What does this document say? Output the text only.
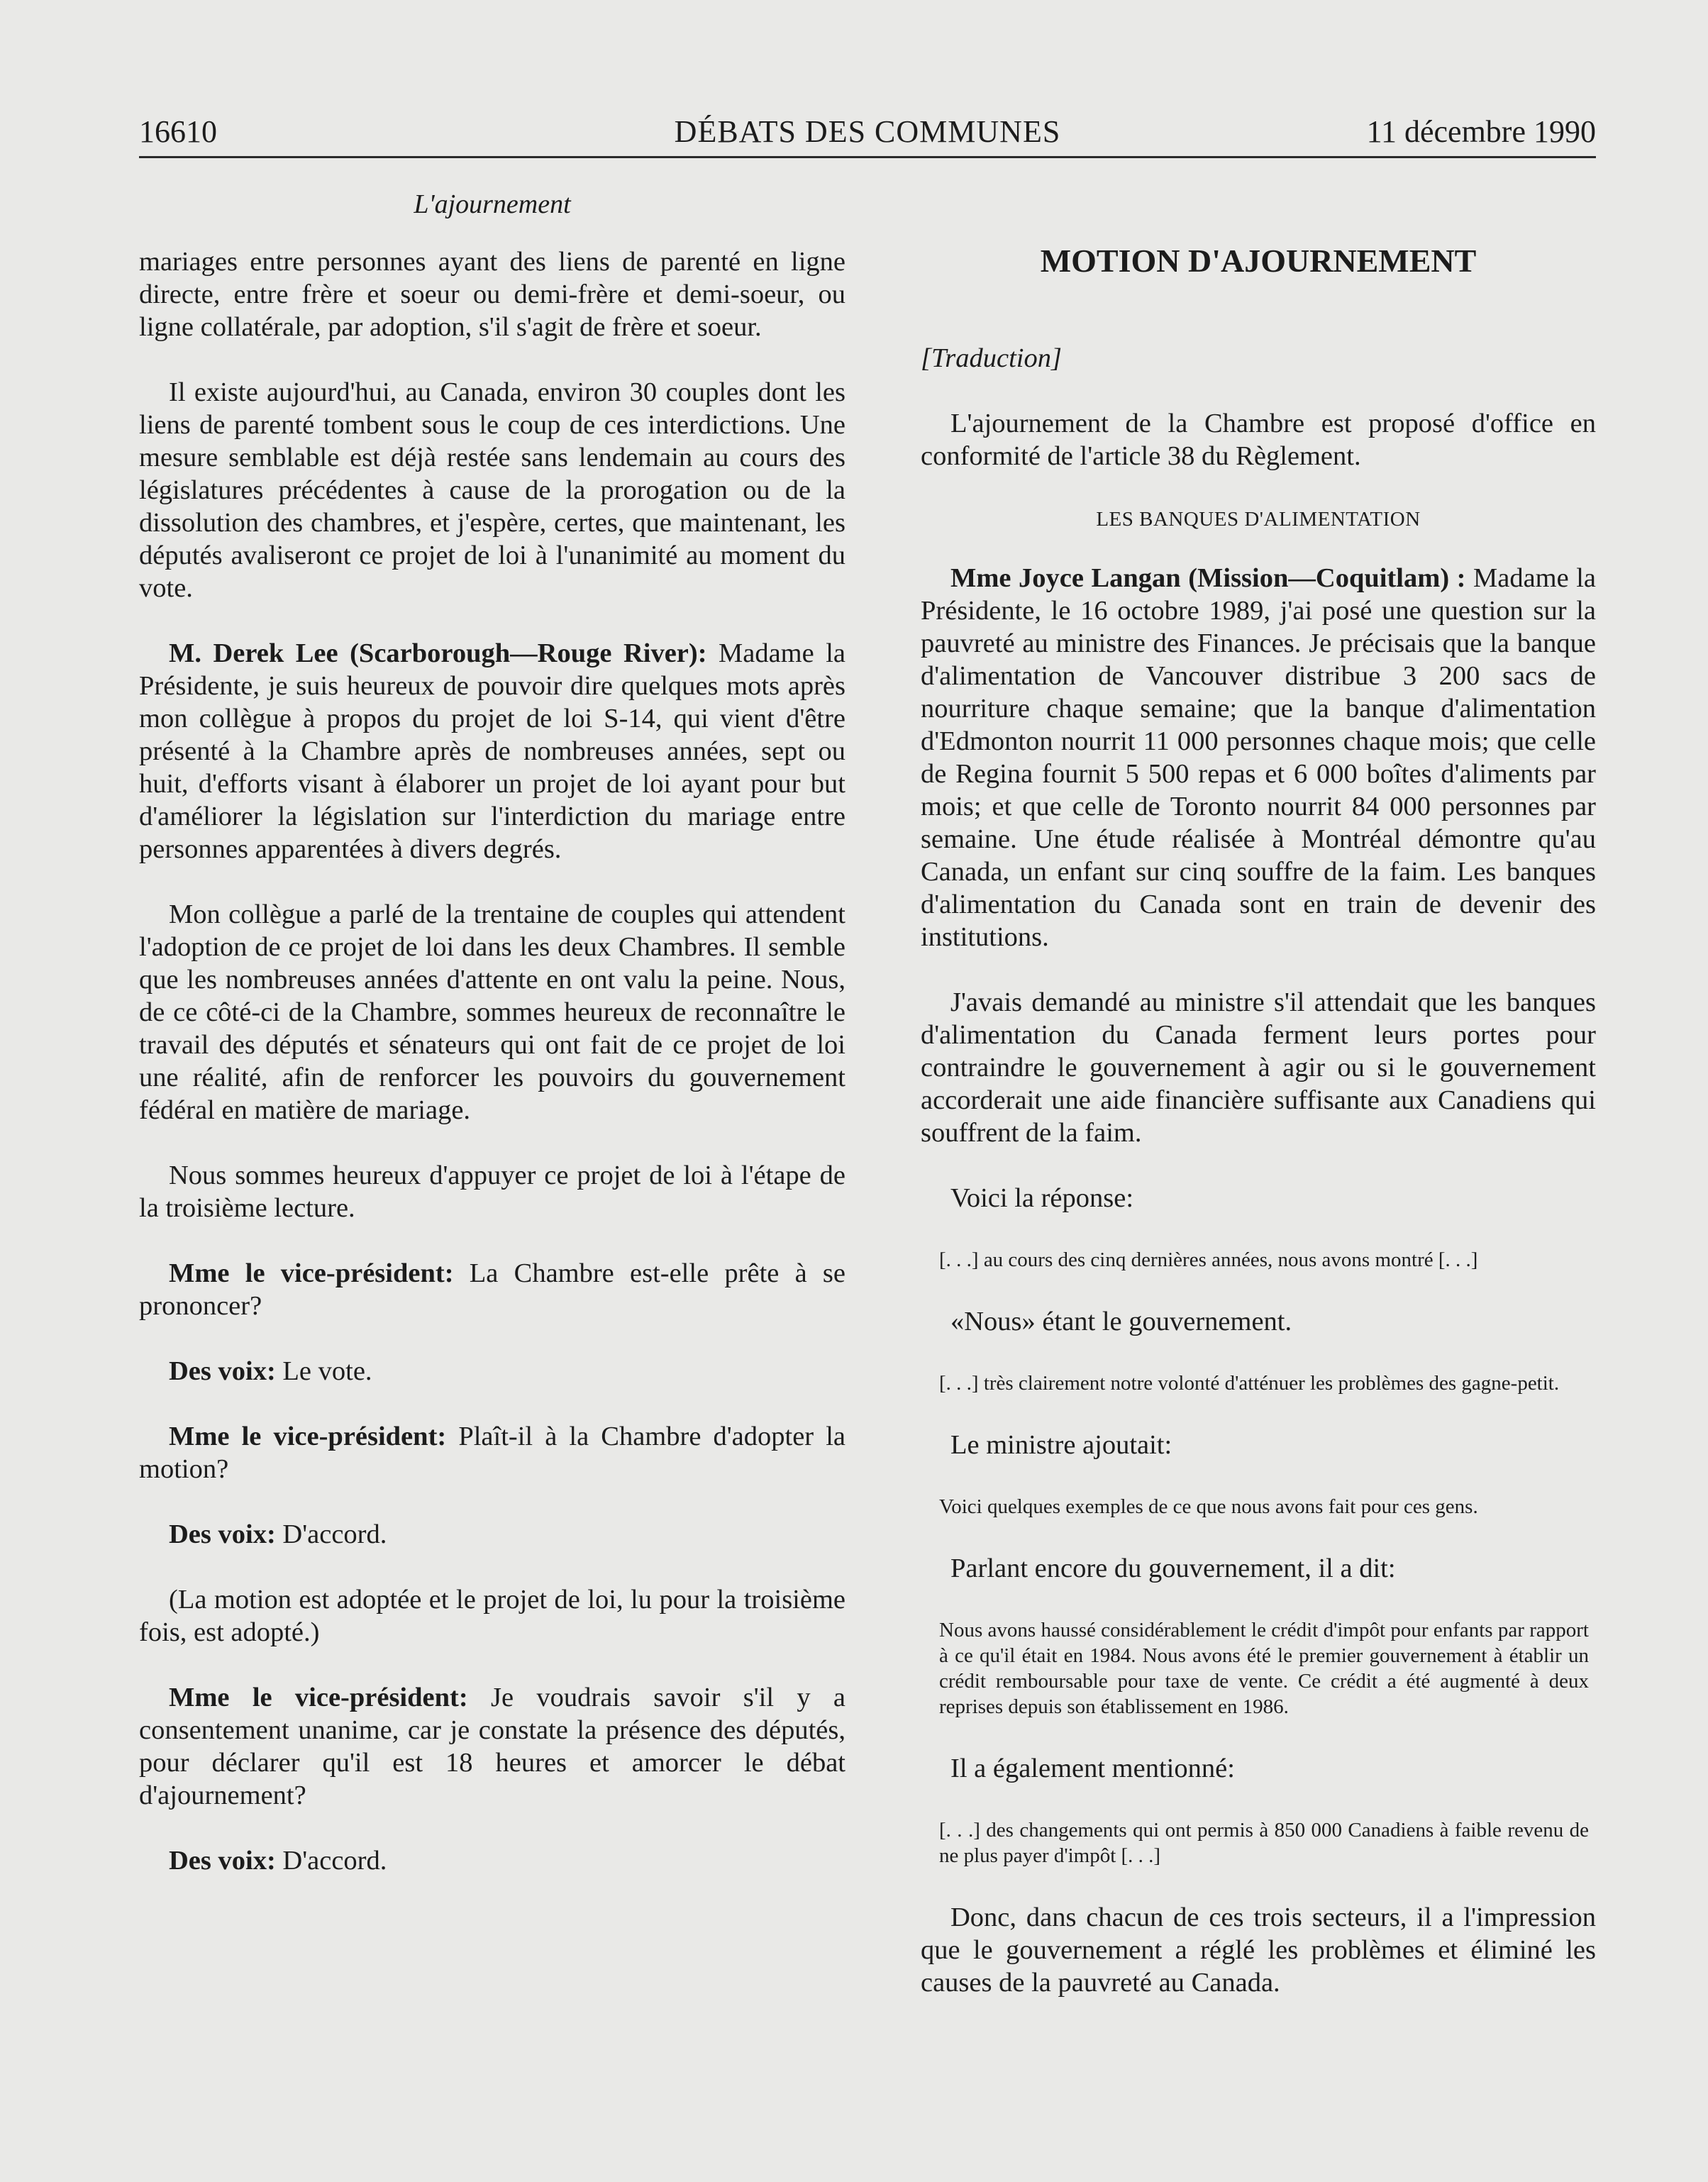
16610	DÉBATS DES COMMUNES	11 décembre 1990
L'ajournement

mariages entre personnes ayant des liens de parenté en ligne directe, entre frère et soeur ou demi-frère et demi-soeur, ou ligne collatérale, par adoption, s'il s'agit de frère et soeur.

Il existe aujourd'hui, au Canada, environ 30 couples dont les liens de parenté tombent sous le coup de ces interdictions. Une mesure semblable est déjà restée sans lendemain au cours des législatures précédentes à cause de la prorogation ou de la dissolution des chambres, et j'espère, certes, que maintenant, les députés avaliseront ce projet de loi à l'unanimité au moment du vote.

M. Derek Lee (Scarborough—Rouge River): Madame la Présidente, je suis heureux de pouvoir dire quelques mots après mon collègue à propos du projet de loi S-14, qui vient d'être présenté à la Chambre après de nombreuses années, sept ou huit, d'efforts visant à élaborer un projet de loi ayant pour but d'améliorer la législation sur l'interdiction du mariage entre personnes apparentées à divers degrés.

Mon collègue a parlé de la trentaine de couples qui attendent l'adoption de ce projet de loi dans les deux Chambres. Il semble que les nombreuses années d'attente en ont valu la peine. Nous, de ce côté-ci de la Chambre, sommes heureux de reconnaître le travail des députés et sénateurs qui ont fait de ce projet de loi une réalité, afin de renforcer les pouvoirs du gouvernement fédéral en matière de mariage.

Nous sommes heureux d'appuyer ce projet de loi à l'étape de la troisième lecture.

Mme le vice-président: La Chambre est-elle prête à se prononcer?

Des voix: Le vote.

Mme le vice-président: Plaît-il à la Chambre d'adopter la motion?

Des voix: D'accord.

(La motion est adoptée et le projet de loi, lu pour la troisième fois, est adopté.)

Mme le vice-président: Je voudrais savoir s'il y a consentement unanime, car je constate la présence des députés, pour déclarer qu'il est 18 heures et amorcer le débat d'ajournement?

Des voix: D'accord.

MOTION D'AJOURNEMENT

[Traduction]

L'ajournement de la Chambre est proposé d'office en conformité de l'article 38 du Règlement.

LES BANQUES D'ALIMENTATION

Mme Joyce Langan (Mission—Coquitlam) : Madame la Présidente, le 16 octobre 1989, j'ai posé une question sur la pauvreté au ministre des Finances. Je précisais que la banque d'alimentation de Vancouver distribue 3 200 sacs de nourriture chaque semaine; que la banque d'alimentation d'Edmonton nourrit 11 000 personnes chaque mois; que celle de Regina fournit 5 500 repas et 6 000 boîtes d'aliments par mois; et que celle de Toronto nourrit 84 000 personnes par semaine. Une étude réalisée à Montréal démontre qu'au Canada, un enfant sur cinq souffre de la faim. Les banques d'alimentation du Canada sont en train de devenir des institutions.

J'avais demandé au ministre s'il attendait que les banques d'alimentation du Canada ferment leurs portes pour contraindre le gouvernement à agir ou si le gouvernement accorderait une aide financière suffisante aux Canadiens qui souffrent de la faim.

Voici la réponse:

[. . .] au cours des cinq dernières années, nous avons montré [. . .]

«Nous» étant le gouvernement.

[. . .] très clairement notre volonté d'atténuer les problèmes des gagne-petit.

Le ministre ajoutait:

Voici quelques exemples de ce que nous avons fait pour ces gens.

Parlant encore du gouvernement, il a dit:

Nous avons haussé considérablement le crédit d'impôt pour enfants par rapport à ce qu'il était en 1984. Nous avons été le premier gouvernement à établir un crédit remboursable pour taxe de vente. Ce crédit a été augmenté à deux reprises depuis son établissement en 1986.

Il a également mentionné:

[. . .] des changements qui ont permis à 850 000 Canadiens à faible revenu de ne plus payer d'impôt [. . .]

Donc, dans chacun de ces trois secteurs, il a l'impression que le gouvernement a réglé les problèmes et éliminé les causes de la pauvreté au Canada.
